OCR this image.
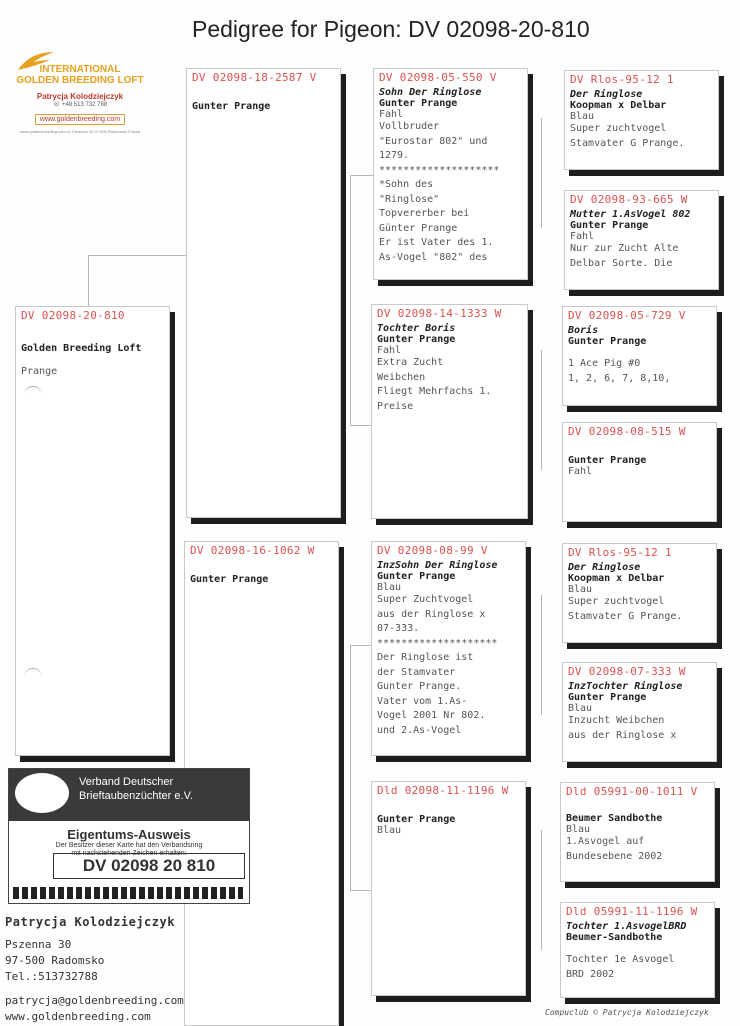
Pedigree for Pigeon: DV 02098-20-810
INTERNATIONAL
GOLDEN BREEDING LOFT
Patrycja Kolodziejczyk
☏ +48 513 732 788
www.goldenbreeding.com
www.goldenbreeding.com ul. Pszenna 30 97-500 Radomsko Polska
DV 02098-20-810
Golden Breeding Loft
Prange
DV 02098-18-2587 V
Gunter Prange
DV 02098-16-1062 W
Gunter Prange
DV 02098-05-550 V
Sohn Der Ringlose
Gunter Prange
Fahl
Vollbruder
"Eurostar 802" und
1279.
********************
*Sohn des
"Ringlose"
Topvererber bei
Günter Prange
Er ist Vater des 1.
As-Vogel "802" des
DV 02098-14-1333 W
Tochter Boris
Gunter Prange
Fahl
Extra Zucht
Weibchen
Fliegt Mehrfachs 1.
Preise
DV 02098-08-99 V
InzSohn Der Ringlose
Gunter Prange
Blau
Super Zuchtvogel
aus der Ringlose x
07-333.
********************
Der Ringlose ist
der Stamvater
Gunter Prange.
Vater vom 1.As-
Vogel 2001 Nr 802.
und 2.As-Vogel
Dld 02098-11-1196 W
Gunter Prange
Blau
DV Rlos-95-12 1
Der Ringlose
Koopman x Delbar
Blau
Super zuchtvogel
Stamvater G Prange.
DV 02098-93-665 W
Mutter 1.AsVogel 802
Gunter Prange
Fahl
Nur zur Zucht Alte
Delbar Sorte. Die
DV 02098-05-729 V
Boris
Gunter Prange
1 Ace Pig #0
1, 2, 6, 7, 8,10,
DV 02098-08-515 W
Gunter Prange
Fahl
DV Rlos-95-12 1
Der Ringlose
Koopman x Delbar
Blau
Super zuchtvogel
Stamvater G Prange.
DV 02098-07-333 W
InzTochter Ringlose
Gunter Prange
Blau
Inzucht Weibchen
aus der Ringlose x
Dld 05991-00-1011 V
Beumer Sandbothe
Blau
1.Asvogel auf
Bundesebene 2002
Dld 05991-11-1196 W
Tochter 1.AsvogelBRD
Beumer-Sandbothe
Tochter 1e Asvogel
BRD 2002
Verband Deutscher
Brieftaubenzüchter e.V.
Eigentums-Ausweis
Der Besitzer dieser Karte hat den Verbandsring
mit nachstehenden Zeichen erhalten:
DV 02098 20 810
Patrycja Kolodziejczyk
Pszenna 30
97-500 Radomsko
Tel.:513732788
patrycja@goldenbreeding.com
www.goldenbreeding.com	Compuclub © Patrycja Kolodziejczyk
